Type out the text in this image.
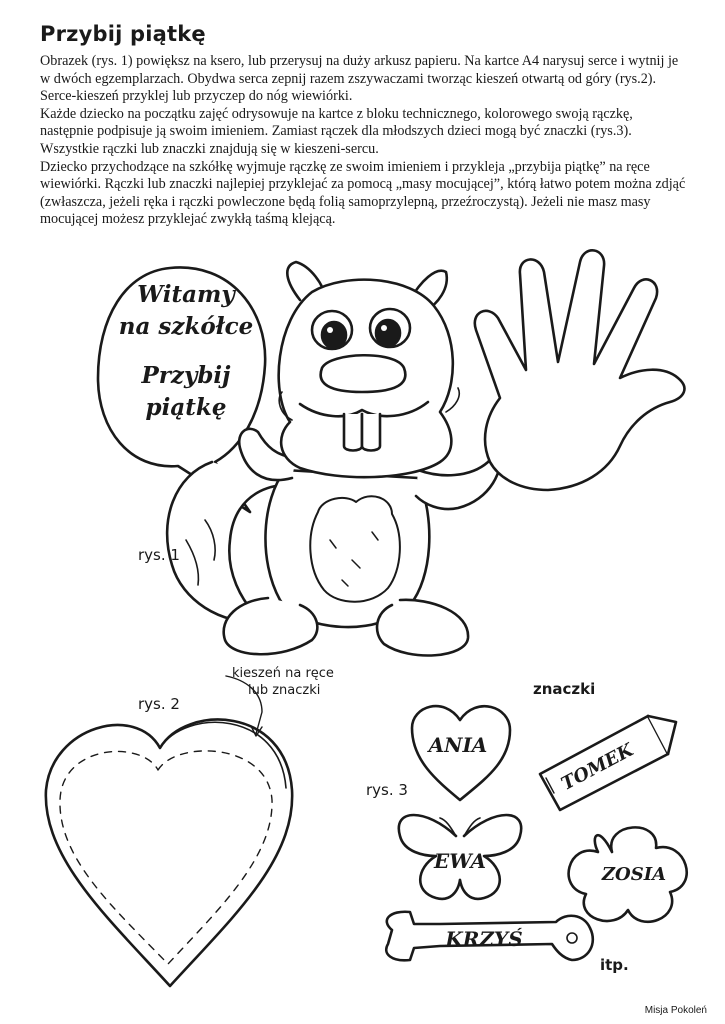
Przybij piątkę

Obrazek (rys. 1) powiększ na ksero, lub przerysuj na duży arkusz papieru. Na kartce A4 narysuj serce i wytnij je w dwóch egzemplarzach. Obydwa serca zepnij razem zszywaczami tworząc kieszeń otwartą od góry (rys.2). Serce-kieszeń przyklej lub przyczep do nóg wiewiórki.

Każde dziecko na początku zajęć odrysowuje na kartce z bloku technicznego, kolorowego swoją rączkę, następnie podpisuje ją swoim imieniem. Zamiast rączek dla młodszych dzieci mogą być znaczki (rys.3). Wszystkie rączki lub znaczki znajdują się w kieszeni-sercu.

Dziecko przychodzące na szkółkę wyjmuje rączkę ze swoim imieniem i przykleja „przybija piątkę” na ręce wiewiórki. Rączki lub znaczki najlepiej przyklejać za pomocą „masy mocującej”, którą łatwo potem można zdjąć (zwłaszcza, jeżeli ręka i rączki powleczone będą folią samoprzylepną, przeźroczystą). Jeżeli nie masz masy mocującej możesz przyklejać zwykłą taśmą klejącą.

Witamy
na szkółce
Przybij
piątkę
rys. 1
rys. 2
rys. 3
kieszeń na ręce
lub znaczki	znaczki
itp.
ANIA	TOMEK
EWA
ZOSIA
KRZYŚ

Misja Pokoleń
